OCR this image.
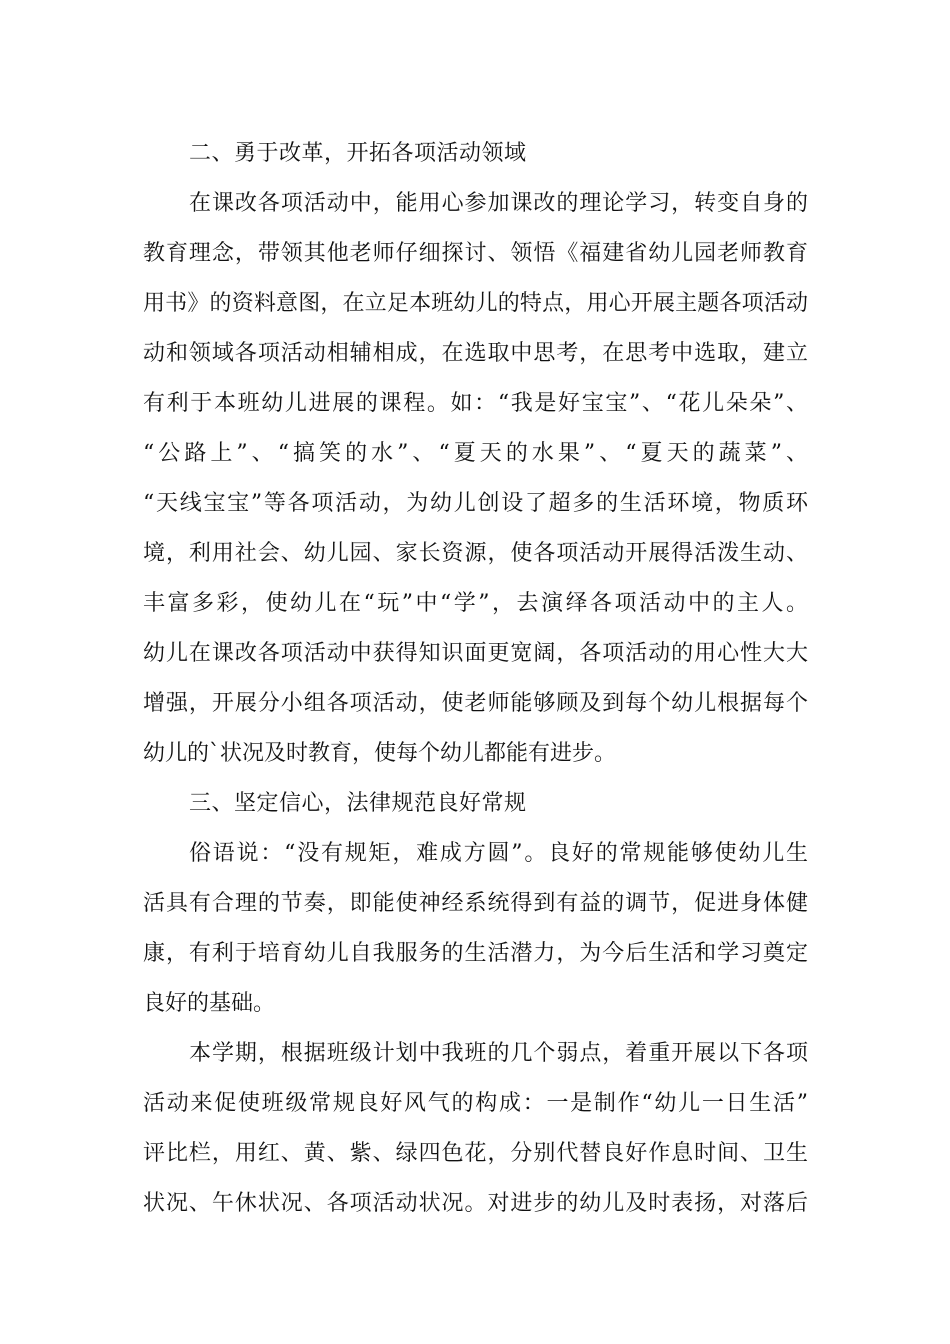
二、勇于改革，开拓各项活动领域
在课改各项活动中，能用心参加课改的理论学习，转变自身的
教育理念，带领其他老师仔细探讨、领悟《福建省幼儿园老师教育
用书》的资料意图，在立足本班幼儿的特点，用心开展主题各项活动
动和领域各项活动相辅相成，在选取中思考，在思考中选取，建立
有利于本班幼儿进展的课程。如：“我是好宝宝”、“花儿朵朵”、
“公路上”、“搞笑的水”、“夏天的水果”、“夏天的蔬菜”、
“天线宝宝”等各项活动，为幼儿创设了超多的生活环境，物质环
境，利用社会、幼儿园、家长资源，使各项活动开展得活泼生动、
丰富多彩，使幼儿在“玩”中“学”，去演绎各项活动中的主人。
幼儿在课改各项活动中获得知识面更宽阔，各项活动的用心性大大
增强，开展分小组各项活动，使老师能够顾及到每个幼儿根据每个
幼儿的`状况及时教育，使每个幼儿都能有进步。
三、坚定信心，法律规范良好常规
俗语说：“没有规矩，难成方圆”。良好的常规能够使幼儿生
活具有合理的节奏，即能使神经系统得到有益的调节，促进身体健
康，有利于培育幼儿自我服务的生活潜力，为今后生活和学习奠定
良好的基础。
本学期，根据班级计划中我班的几个弱点，着重开展以下各项
活动来促使班级常规良好风气的构成：一是制作“幼儿一日生活”
评比栏，用红、黄、紫、绿四色花，分别代替良好作息时间、卫生
状况、午休状况、各项活动状况。对进步的幼儿及时表扬，对落后
